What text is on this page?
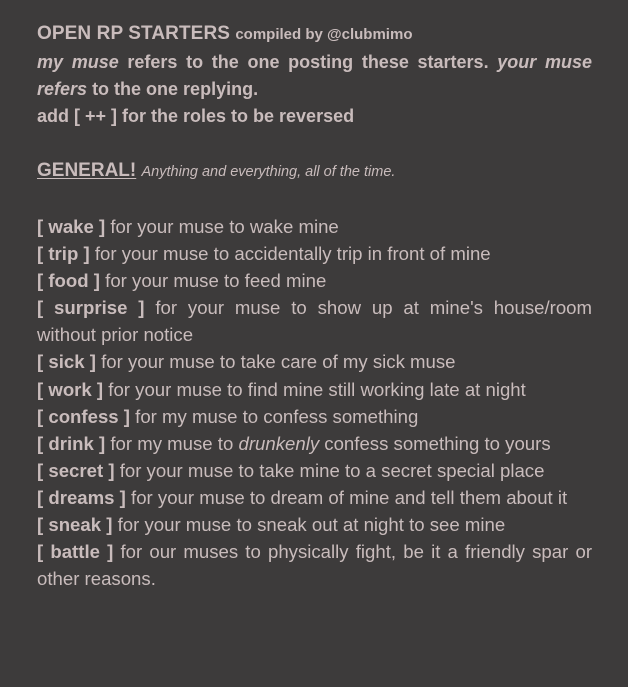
OPEN RP STARTERS compiled by @clubmimo
my muse refers to the one posting these starters. your muse refers to the one replying.
add [ ++ ] for the roles to be reversed
GENERAL! Anything and everything, all of the time.
[ wake ] for your muse to wake mine
[ trip ] for your muse to accidentally trip in front of mine
[ food ] for your muse to feed mine
[ surprise ] for your muse to show up at mine's house/room without prior notice
[ sick ] for your muse to take care of my sick muse
[ work ] for your muse to find mine still working late at night
[ confess ] for my muse to confess something
[ drink ] for my muse to drunkenly confess something to yours
[ secret ] for your muse to take mine to a secret special place
[ dreams ] for your muse to dream of mine and tell them about it
[ sneak ] for your muse to sneak out at night to see mine
[ battle ] for our muses to physically fight, be it a friendly spar or other reasons.
